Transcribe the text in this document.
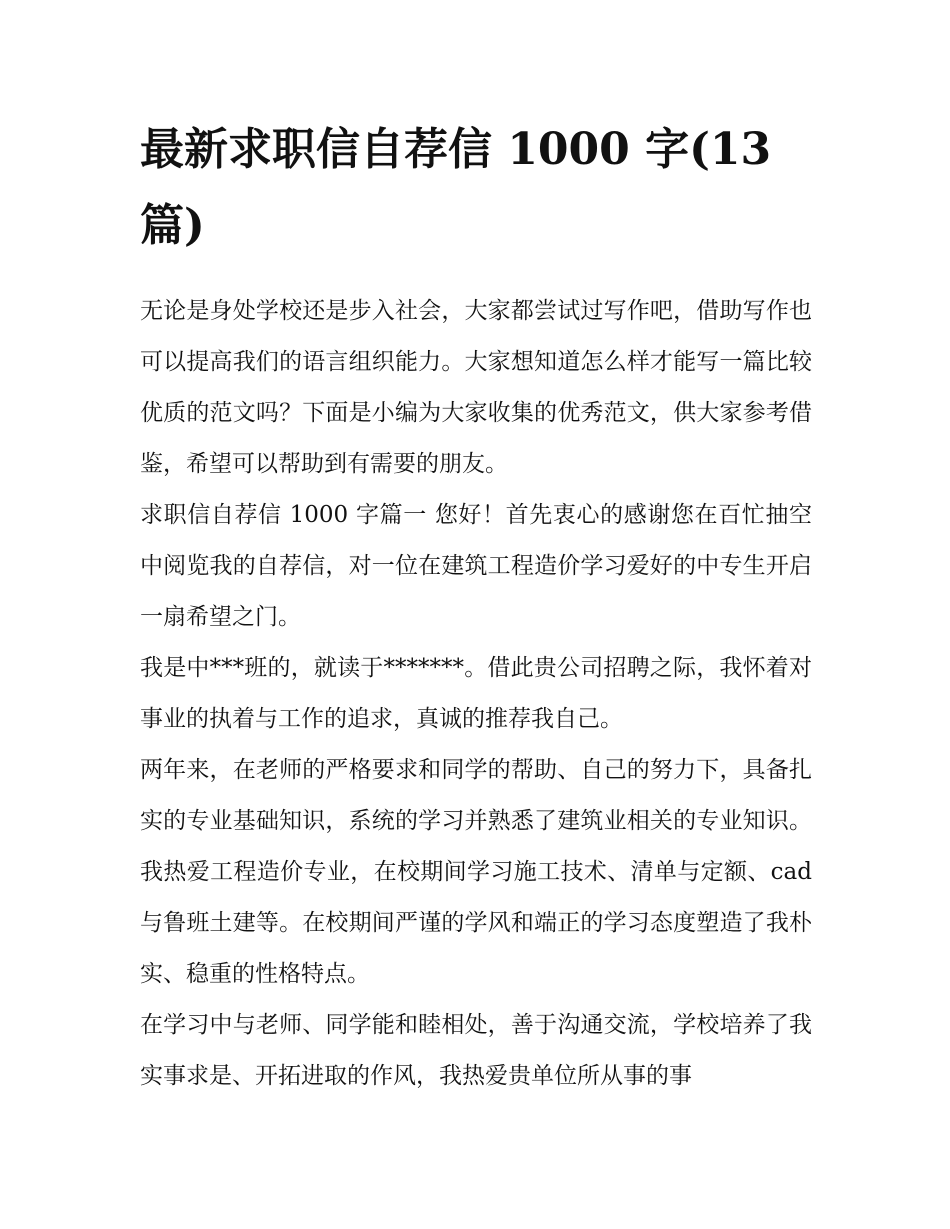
最新求职信自荐信 1000 字(13 篇)

无论是身处学校还是步入社会，大家都尝试过写作吧，借助写作也可以提高我们的语言组织能力。大家想知道怎么样才能写一篇比较优质的范文吗？下面是小编为大家收集的优秀范文，供大家参考借鉴，希望可以帮助到有需要的朋友。

求职信自荐信 1000 字篇一 您好！首先衷心的感谢您在百忙抽空中阅览我的自荐信，对一位在建筑工程造价学习爱好的中专生开启一扇希望之门。

我是中***班的，就读于*******。借此贵公司招聘之际，我怀着对事业的执着与工作的追求，真诚的推荐我自己。

两年来，在老师的严格要求和同学的帮助、自己的努力下，具备扎实的专业基础知识，系统的学习并熟悉了建筑业相关的专业知识。我热爱工程造价专业，在校期间学习施工技术、清单与定额、cad 与鲁班土建等。在校期间严谨的学风和端正的学习态度塑造了我朴实、稳重的性格特点。

在学习中与老师、同学能和睦相处，善于沟通交流，学校培养了我实事求是、开拓进取的作风，我热爱贵单位所从事的事
